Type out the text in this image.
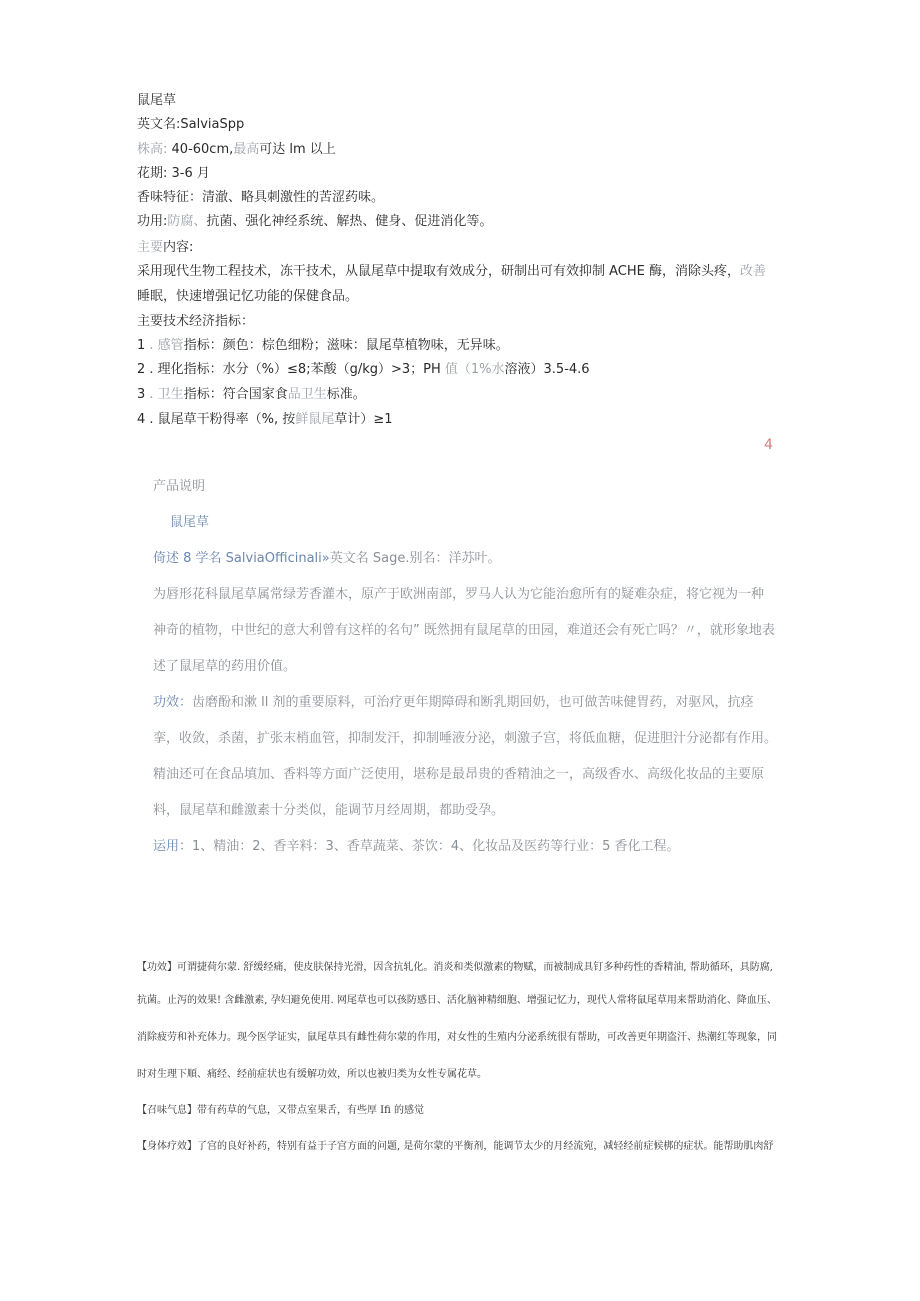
鼠尾草
英文名:SalviaSpp
株高: 40-60cm,最高可达 lm 以上
花期: 3-6 月
香味特征：清澈、略具刺激性的苦涩药味。
功用:防腐、抗菌、强化神经系统、解热、健身、促进消化等。
主要内容:
采用现代生物工程技术，冻干技术，从鼠尾草中提取有效成分，研制出可有效抑制 ACHE 酶，消除头疼，改善
睡眠，快速增强记忆功能的保健食品。
主要技术经济指标：
1 . 感管指标：颜色：棕色细粉；滋味：鼠尾草植物味，无异味。
2 . 理化指标：水分（%）≤8;苯酸（g/kg）>3；PH 值（1%水溶液）3.5-4.6
3 . 卫生指标：符合国家食品卫生标准。
4 . 鼠尾草干粉得率（%, 按鲜鼠尾草计）≥1
4
产品说明
鼠尾草
倚述 8 学名 SalviaOfficinali»英文名 Sage.别名：洋苏叶。
为唇形花科鼠尾草属常绿芳香灌木，原产于欧洲南部，罗马人认为它能治愈所有的疑难杂症，将它视为一种
神奇的植物，中世纪的意大利曾有这样的名句” 既然拥有鼠尾草的田园，难道还会有死亡吗？〃，就形象地表
述了鼠尾草的药用价值。
功效：齿磨酚和漱 ll 剂的重要原料，可治疗更年期障碍和断乳期回奶，也可做苦味健胃药，对驱风，抗痉
挛，收敛，杀菌，扩张末梢血管，抑制发汗，抑制唾液分泌，刺激子宫，将低血糖，促进胆汁分泌都有作用。
精油还可在食品填加、香料等方面广泛使用，堪称是最昂贵的香精油之一，高级香水、高级化妆品的主要原
料，鼠尾草和雌激素十分类似，能调节月经周期，都助受孕。
运用：1、精油：2、香辛料：3、香草蔬菜、茶饮：4、化妆品及医药等行业：5 香化工程。
【功效】可谓捷荷尔蒙. 舒缓经痛，使皮肤保持光滑，因含抗轧化。消炎和类似激素的物赋，而被制成具钉多种药性的香精油, 帮助循环，具防腐,
抗菌。止泻的效果! 含雌激素, 孕妇避免使用. 网尾草也可以孩防感日、活化脑神精细胞、增强记忆力，现代人常将鼠尾草用来帮助消化、降血压、
消除疲劳和补充体力。现今医学证实，鼠尾草具有雌性荷尔蒙的作用，对女性的生殖内分泌系统很有帮助，可改善更年期盗汗、热潮红等现象，同
时对生理下順、痛经、经前症状也有缓解功效，所以也被归类为女性专属花草。
【召味气息】带有药草的气息，又带点室果舌，有些厚 Ifi 的感觉
【身体疗效】了宫的良好补药，特别有益于子宫方面的问题, 是荷尔蒙的平衡剂，能调节太少的月经流宛，减轻经前症候梆的症状。能帮助肌肉舒
